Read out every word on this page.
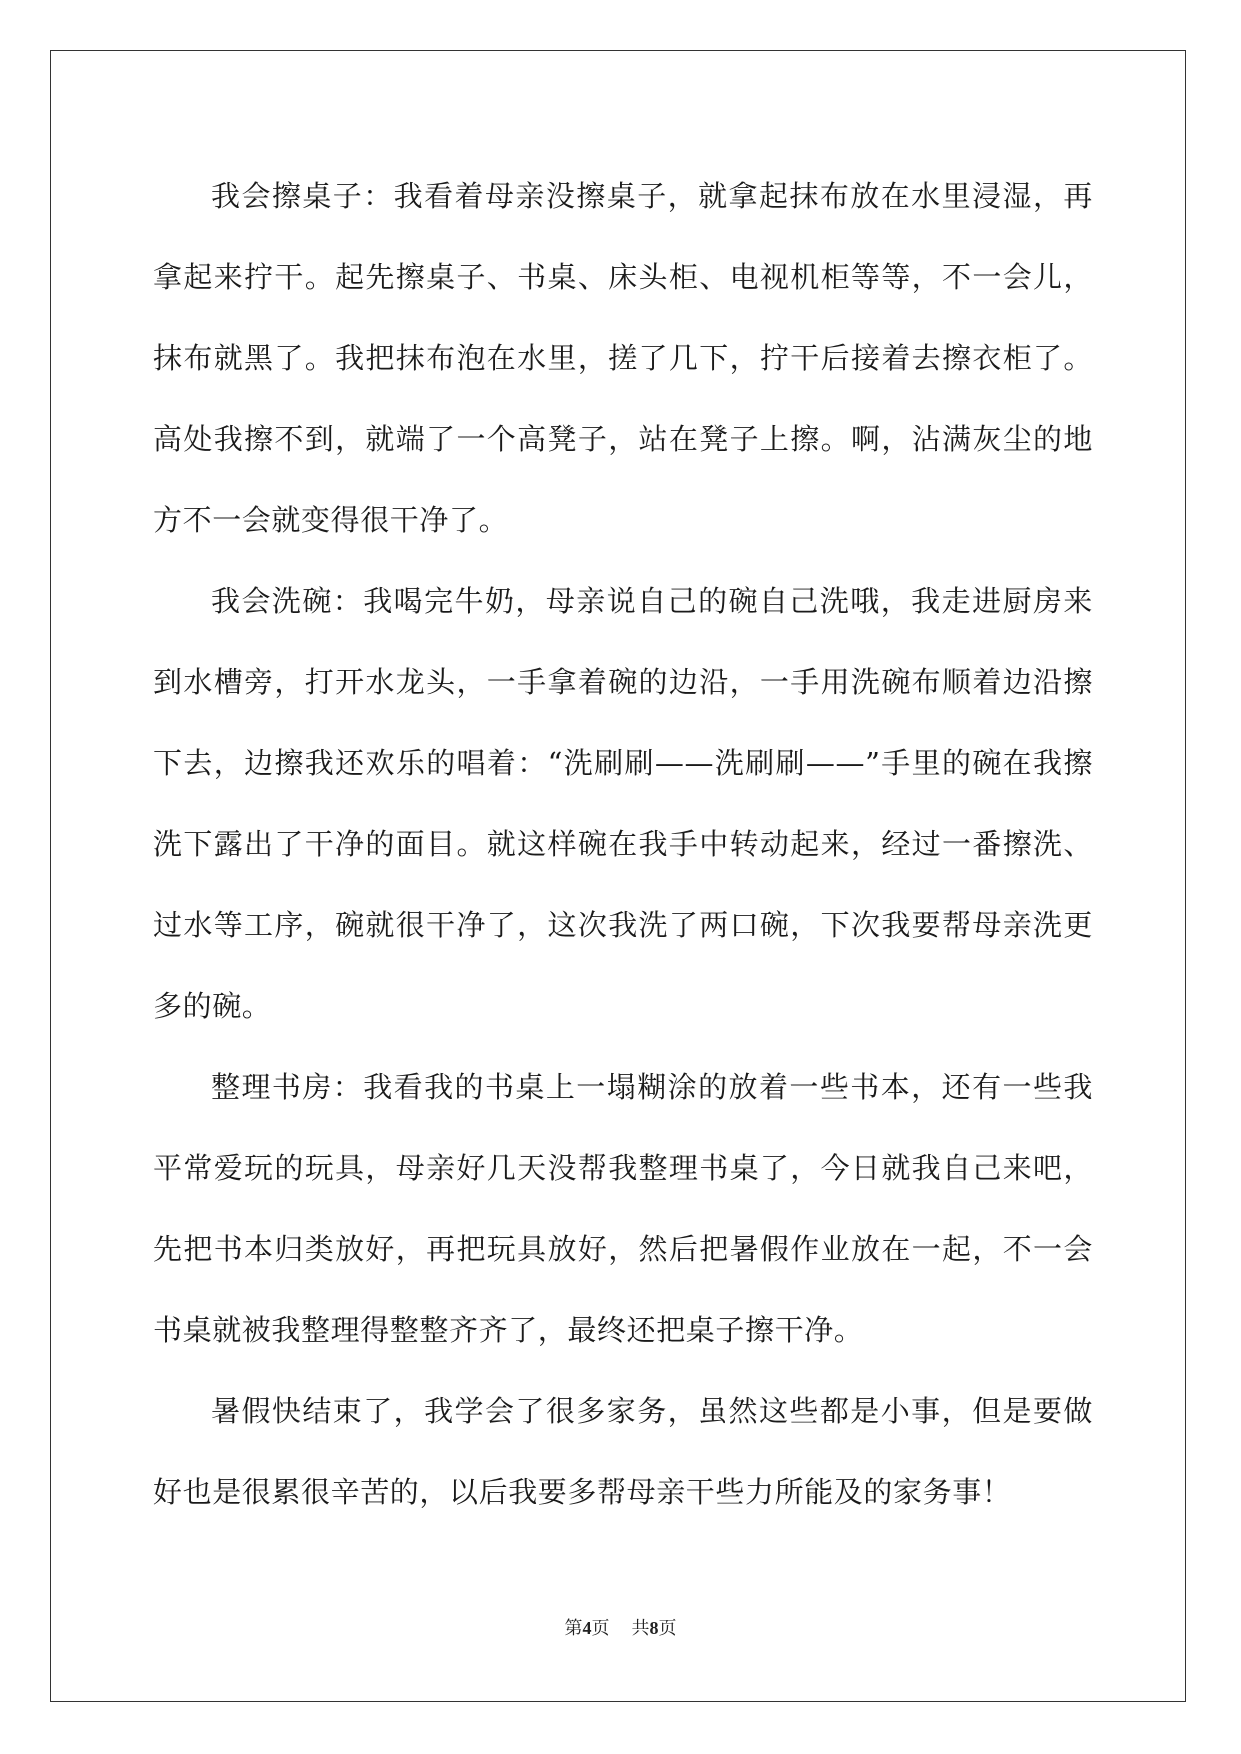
我会擦桌子：我看着母亲没擦桌子，就拿起抹布放在水里浸湿，再拿起来拧干。起先擦桌子、书桌、床头柜、电视机柜等等，不一会儿，抹布就黑了。我把抹布泡在水里，搓了几下，拧干后接着去擦衣柜了。高处我擦不到，就端了一个高凳子，站在凳子上擦。啊，沾满灰尘的地方不一会就变得很干净了。

我会洗碗：我喝完牛奶，母亲说自己的碗自己洗哦，我走进厨房来到水槽旁，打开水龙头，一手拿着碗的边沿，一手用洗碗布顺着边沿擦下去，边擦我还欢乐的唱着：“洗刷刷——洗刷刷——”手里的碗在我擦洗下露出了干净的面目。就这样碗在我手中转动起来，经过一番擦洗、过水等工序，碗就很干净了，这次我洗了两口碗，下次我要帮母亲洗更多的碗。

整理书房：我看我的书桌上一塌糊涂的放着一些书本，还有一些我平常爱玩的玩具，母亲好几天没帮我整理书桌了，今日就我自己来吧，先把书本归类放好，再把玩具放好，然后把暑假作业放在一起，不一会书桌就被我整理得整整齐齐了，最终还把桌子擦干净。

暑假快结束了，我学会了很多家务，虽然这些都是小事，但是要做好也是很累很辛苦的，以后我要多帮母亲干些力所能及的家务事！

第4页 共8页
